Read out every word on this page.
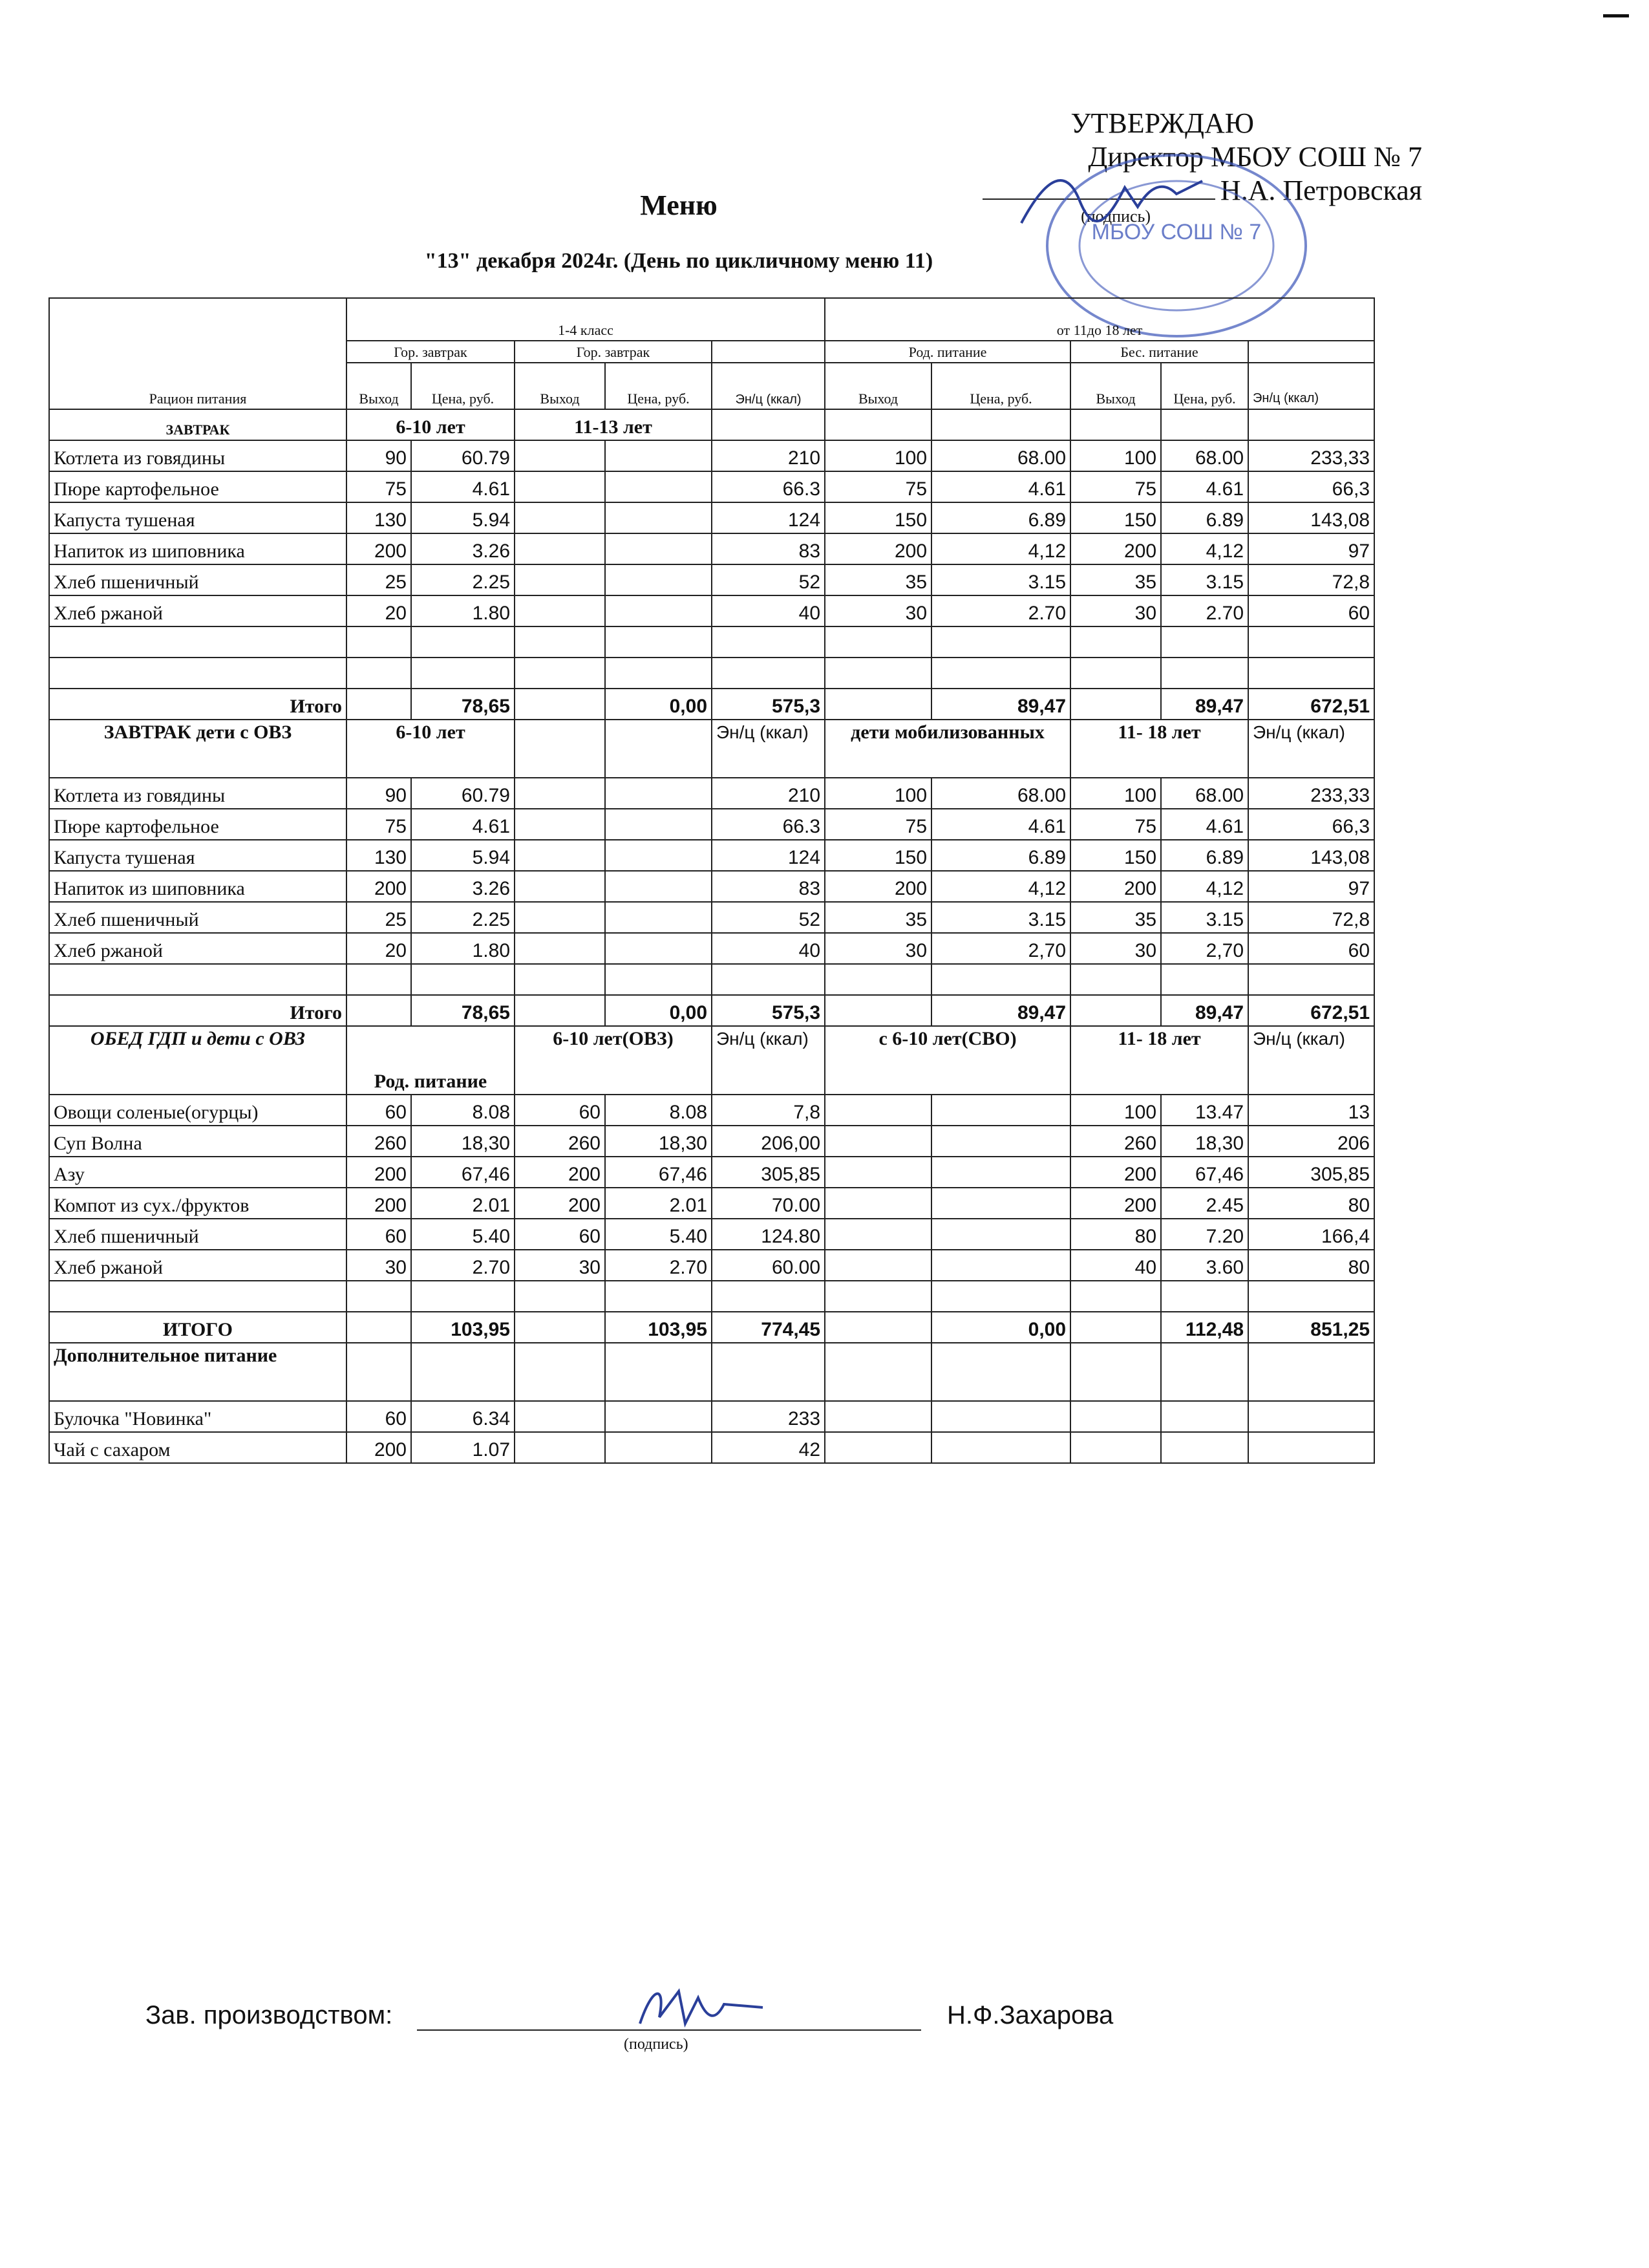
УТВЕРЖДАЮ
Директор МБОУ СОШ № 7
Н.А. Петровская
(подпись)
МБОУ СОШ № 7
Меню
"13" декабря 2024г. (День по цикличному меню 11)
Рацион питания	1-4 класс					от 11до 18 лет				
	Гор. завтрак		Гор. завтрак			Род. питание		Бес. питание		
	Выход	Цена, руб.	Выход	Цена, руб.	Эн/ц (ккал)	Выход	Цена, руб.	Выход	Цена, руб.	Эн/ц (ккал)
ЗАВТРАК	6-10 лет		11-13 лет							
Котлета из говядины	90	60.79			210	100	68.00	100	68.00	233,33
Пюре картофельное	75	4.61			66.3	75	4.61	75	4.61	66,3
Капуста тушеная	130	5.94			124	150	6.89	150	6.89	143,08
Напиток из шиповника	200	3.26			83	200	4,12	200	4,12	97
Хлеб пшеничный	25	2.25			52	35	3.15	35	3.15	72,8
Хлеб ржаной	20	1.80			40	30	2.70	30	2.70	60

Итого		78,65		0,00	575,3		89,47		89,47	672,51
ЗАВТРАК дети с ОВЗ	6-10 лет				Эн/ц (ккал)	дети мобилизованных		11- 18 лет		Эн/ц (ккал)
Котлета из говядины	90	60.79			210	100	68.00	100	68.00	233,33
Пюре картофельное	75	4.61			66.3	75	4.61	75	4.61	66,3
Капуста тушеная	130	5.94			124	150	6.89	150	6.89	143,08
Напиток из шиповника	200	3.26			83	200	4,12	200	4,12	97
Хлеб пшеничный	25	2.25			52	35	3.15	35	3.15	72,8
Хлеб ржаной	20	1.80			40	30	2,70	30	2,70	60

Итого		78,65		0,00	575,3		89,47		89,47	672,51
ОБЕД ГДП и дети с ОВЗ	Род. питание		6-10 лет(ОВЗ)		Эн/ц (ккал)	с 6-10 лет(СВО)		11- 18 лет		Эн/ц (ккал)
Овощи соленые(огурцы)	60	8.08	60	8.08	7,8			100	13.47	13
Суп Волна	260	18,30	260	18,30	206,00			260	18,30	206
Азу	200	67,46	200	67,46	305,85			200	67,46	305,85
Компот из сух./фруктов	200	2.01	200	2.01	70.00			200	2.45	80
Хлеб пшеничный	60	5.40	60	5.40	124.80			80	7.20	166,4
Хлеб ржаной	30	2.70	30	2.70	60.00			40	3.60	80

ИТОГО		103,95		103,95	774,45		0,00		112,48	851,25
Дополнительное питание										
Булочка "Новинка"	60	6.34			233					
Чай с сахаром	200	1.07			42					
Зав. производством:
(подпись)
Н.Ф.Захарова
